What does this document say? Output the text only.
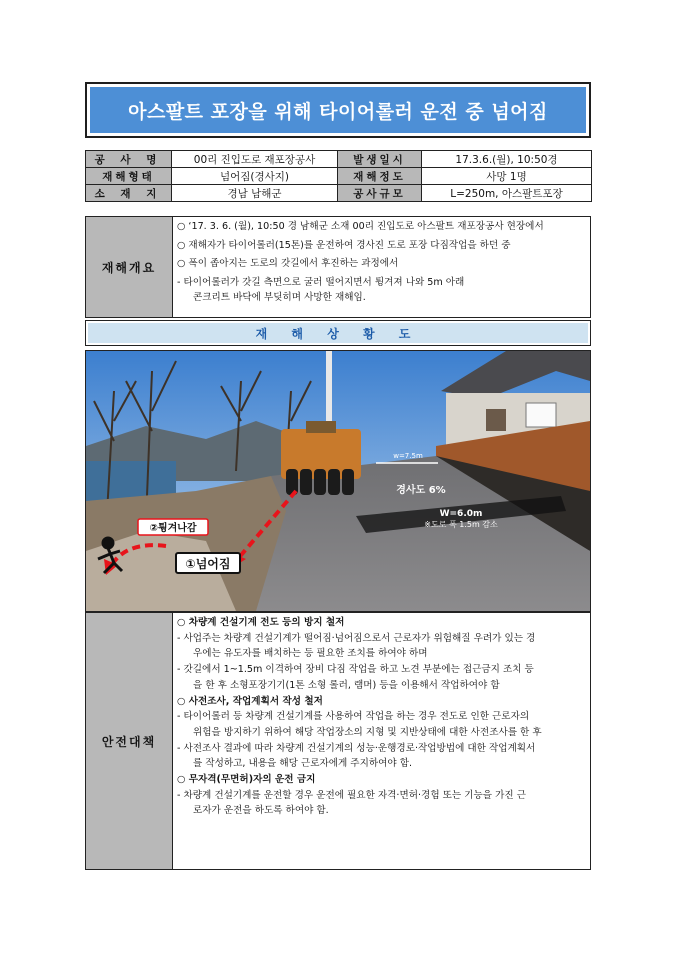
아스팔트 포장을 위해 타이어롤러 운전 중 넘어짐
공 사 명	00리 진입도로 재포장공사	발생일시	17.3.6.(월), 10:50경
재해형태	넘어짐(경사지)	재해정도	사망 1명
소 재 지	경남 남해군	공사규모	L=250m, 아스팔트포장
재해개요
○ ‘17. 3. 6. (월), 10:50 경 남해군 소재 00리 진입도로 아스팔트 재포장공사 현장에서
○ 재해자가 타이어롤러(15톤)를 운전하여 경사진 도로 포장 다짐작업을 하던 중
○ 폭이 좁아지는 도로의 갓길에서 후진하는 과정에서
- 타이어롤러가 갓길 측면으로 굴러 떨어지면서 튕겨져 나와 5m 아래
콘크리트 바닥에 부딪히며 사망한 재해임.
재 해 상 황 도
②튕겨나감
①넘어짐
w=7.5m
경사도 6%
W=6.0m
※도로 폭 1.5m 감소
안전대책
○ 차량계 건설기계 전도 등의 방지 철저
- 사업주는 차량계 건설기계가 떨어짐·넘어짐으로서 근로자가 위험해질 우려가 있는 경
우에는 유도자를 배치하는 등 필요한 조치를 하여야 하며
- 갓길에서 1~1.5m 이격하여 장비 다짐 작업을 하고 노견 부분에는 접근금지 조치 등
을 한 후 소형포장기기(1톤 소형 롤러, 램머) 등을 이용해서 작업하여야 함
○ 사전조사, 작업계획서 작성 철저
- 타이어롤러 등 차량계 건설기계를 사용하여 작업을 하는 경우 전도로 인한 근로자의
위험을 방지하기 위하여 해당 작업장소의 지형 및 지반상태에 대한 사전조사를 한 후
- 사전조사 결과에 따라 차량계 건설기계의 성능·운행경로·작업방법에 대한 작업계획서
를 작성하고, 내용을 해당 근로자에게 주지하여야 함.
○ 무자격(무면허)자의 운전 금지
- 차량계 건설기계를 운전할 경우 운전에 필요한 자격·면허·경험 또는 기능을 가진 근
로자가 운전을 하도록 하여야 함.
